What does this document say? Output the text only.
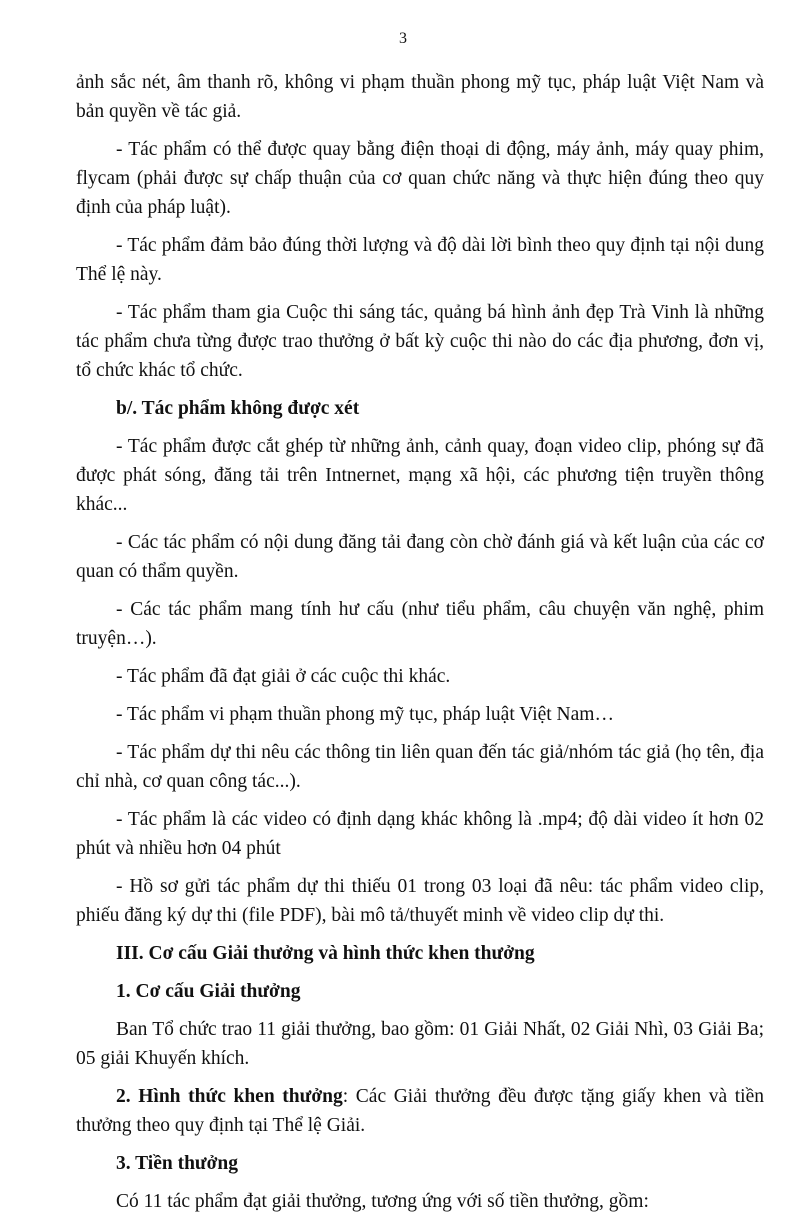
3

ảnh sắc nét, âm thanh rõ, không vi phạm thuần phong mỹ tục, pháp luật Việt Nam và bản quyền về tác giả.

- Tác phẩm có thể được quay bằng điện thoại di động, máy ảnh, máy quay phim, flycam (phải được sự chấp thuận của cơ quan chức năng và thực hiện đúng theo quy định của pháp luật).

- Tác phẩm đảm bảo đúng thời lượng và độ dài lời bình theo quy định tại nội dung Thể lệ này.

- Tác phẩm tham gia Cuộc thi sáng tác, quảng bá hình ảnh đẹp Trà Vinh là những tác phẩm chưa từng được trao thưởng ở bất kỳ cuộc thi nào do các địa phương, đơn vị, tổ chức khác tổ chức.

b/. Tác phẩm không được xét

- Tác phẩm được cắt ghép từ những ảnh, cảnh quay, đoạn video clip, phóng sự đã được phát sóng, đăng tải trên Intnernet, mạng xã hội, các phương tiện truyền thông khác...

- Các tác phẩm có nội dung đăng tải đang còn chờ đánh giá và kết luận của các cơ quan có thẩm quyền.

- Các tác phẩm mang tính hư cấu (như tiểu phẩm, câu chuyện văn nghệ, phim truyện…).

- Tác phẩm đã đạt giải ở các cuộc thi khác.

- Tác phẩm vi phạm thuần phong mỹ tục, pháp luật Việt Nam…

- Tác phẩm dự thi nêu các thông tin liên quan đến tác giả/nhóm tác giả (họ tên, địa chỉ nhà, cơ quan công tác...).

- Tác phẩm là các video có định dạng khác không là .mp4; độ dài video ít hơn 02 phút và nhiều hơn 04 phút

- Hồ sơ gửi tác phẩm dự thi thiếu 01 trong 03 loại đã nêu: tác phẩm video clip, phiếu đăng ký dự thi (file PDF), bài mô tả/thuyết minh về video clip dự thi.

III. Cơ cấu Giải thưởng và hình thức khen thưởng

1. Cơ cấu Giải thưởng

Ban Tổ chức trao 11 giải thưởng, bao gồm: 01 Giải Nhất, 02 Giải Nhì, 03 Giải Ba; 05 giải Khuyến khích.

2. Hình thức khen thưởng: Các Giải thưởng đều được tặng giấy khen và tiền thưởng theo quy định tại Thể lệ Giải.

3. Tiền thưởng

Có 11 tác phẩm đạt giải thưởng, tương ứng với số tiền thưởng, gồm:
